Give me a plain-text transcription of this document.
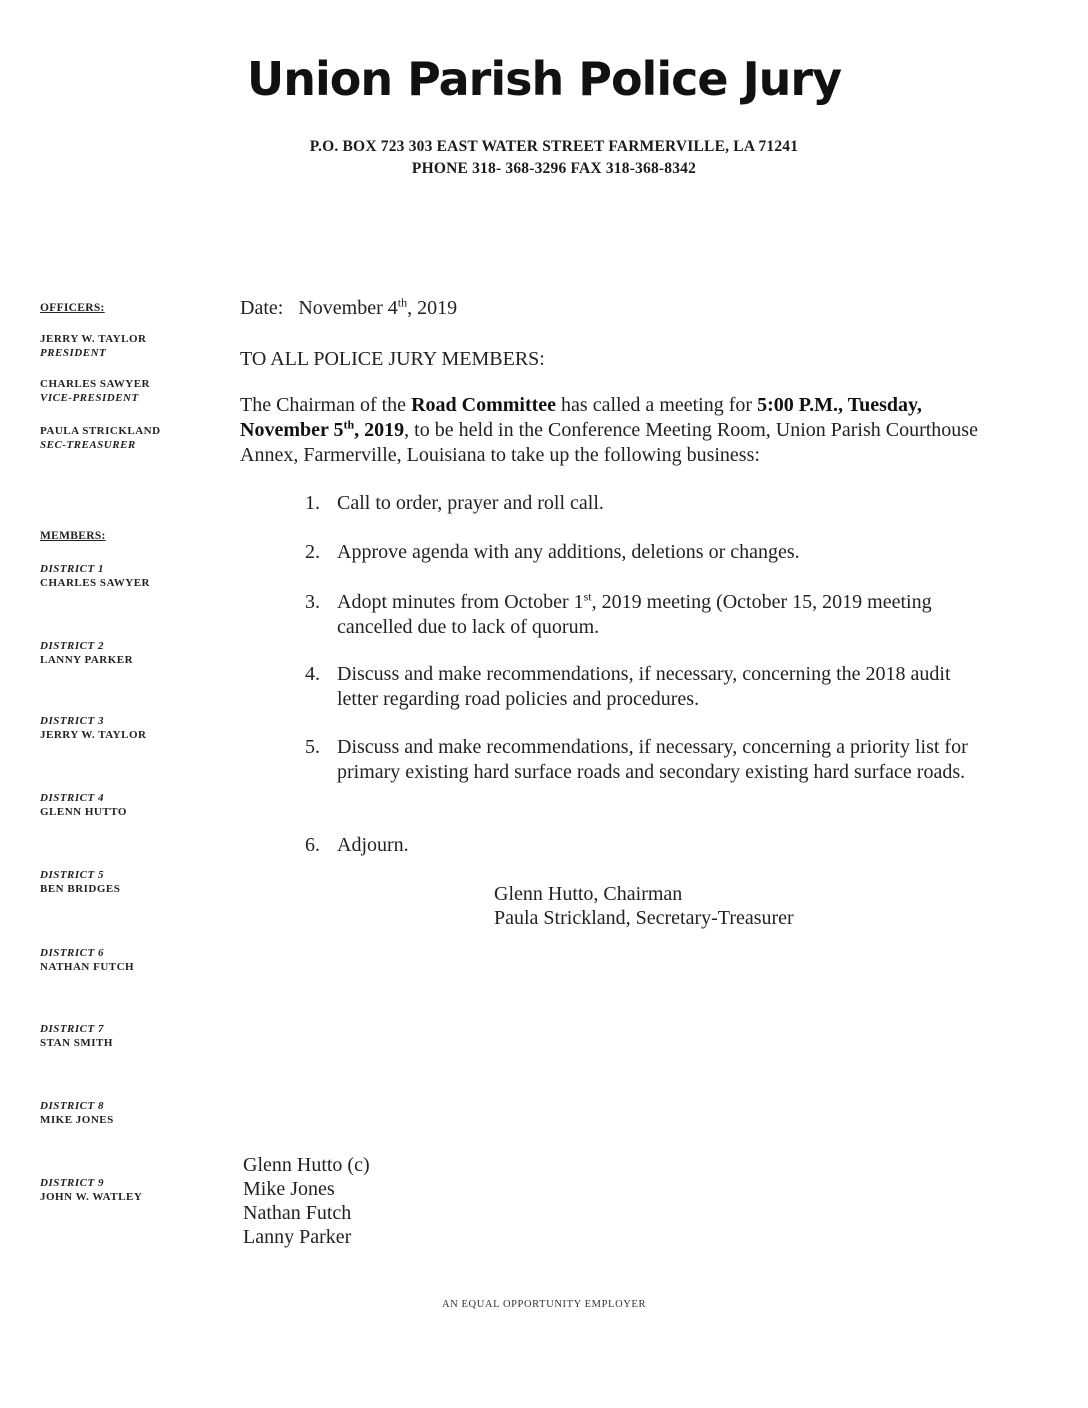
Union Parish Police Jury
P.O. BOX 723 303 EAST WATER STREET FARMERVILLE, LA 71241
PHONE 318- 368-3296 FAX 318-368-8342
OFFICERS:
JERRY W. TAYLOR
PRESIDENT
CHARLES SAWYER
VICE-PRESIDENT
PAULA STRICKLAND
SEC-TREASURER
MEMBERS:
DISTRICT 1
CHARLES SAWYER
DISTRICT 2
LANNY PARKER
DISTRICT 3
JERRY W. TAYLOR
DISTRICT 4
GLENN HUTTO
DISTRICT 5
BEN BRIDGES
DISTRICT 6
NATHAN FUTCH
DISTRICT 7
STAN SMITH
DISTRICT 8
MIKE JONES
DISTRICT 9
JOHN W. WATLEY
Date: November 4th, 2019
TO ALL POLICE JURY MEMBERS:
The Chairman of the Road Committee has called a meeting for 5:00 P.M., Tuesday, November 5th, 2019, to be held in the Conference Meeting Room, Union Parish Courthouse Annex, Farmerville, Louisiana to take up the following business:
1. Call to order, prayer and roll call.
2. Approve agenda with any additions, deletions or changes.
3. Adopt minutes from October 1st, 2019 meeting (October 15, 2019 meeting cancelled due to lack of quorum.
4. Discuss and make recommendations, if necessary, concerning the 2018 audit letter regarding road policies and procedures.
5. Discuss and make recommendations, if necessary, concerning a priority list for primary existing hard surface roads and secondary existing hard surface roads.
6. Adjourn.
Glenn Hutto, Chairman
Paula Strickland, Secretary-Treasurer
Glenn Hutto (c)
Mike Jones
Nathan Futch
Lanny Parker
AN EQUAL OPPORTUNITY EMPLOYER
